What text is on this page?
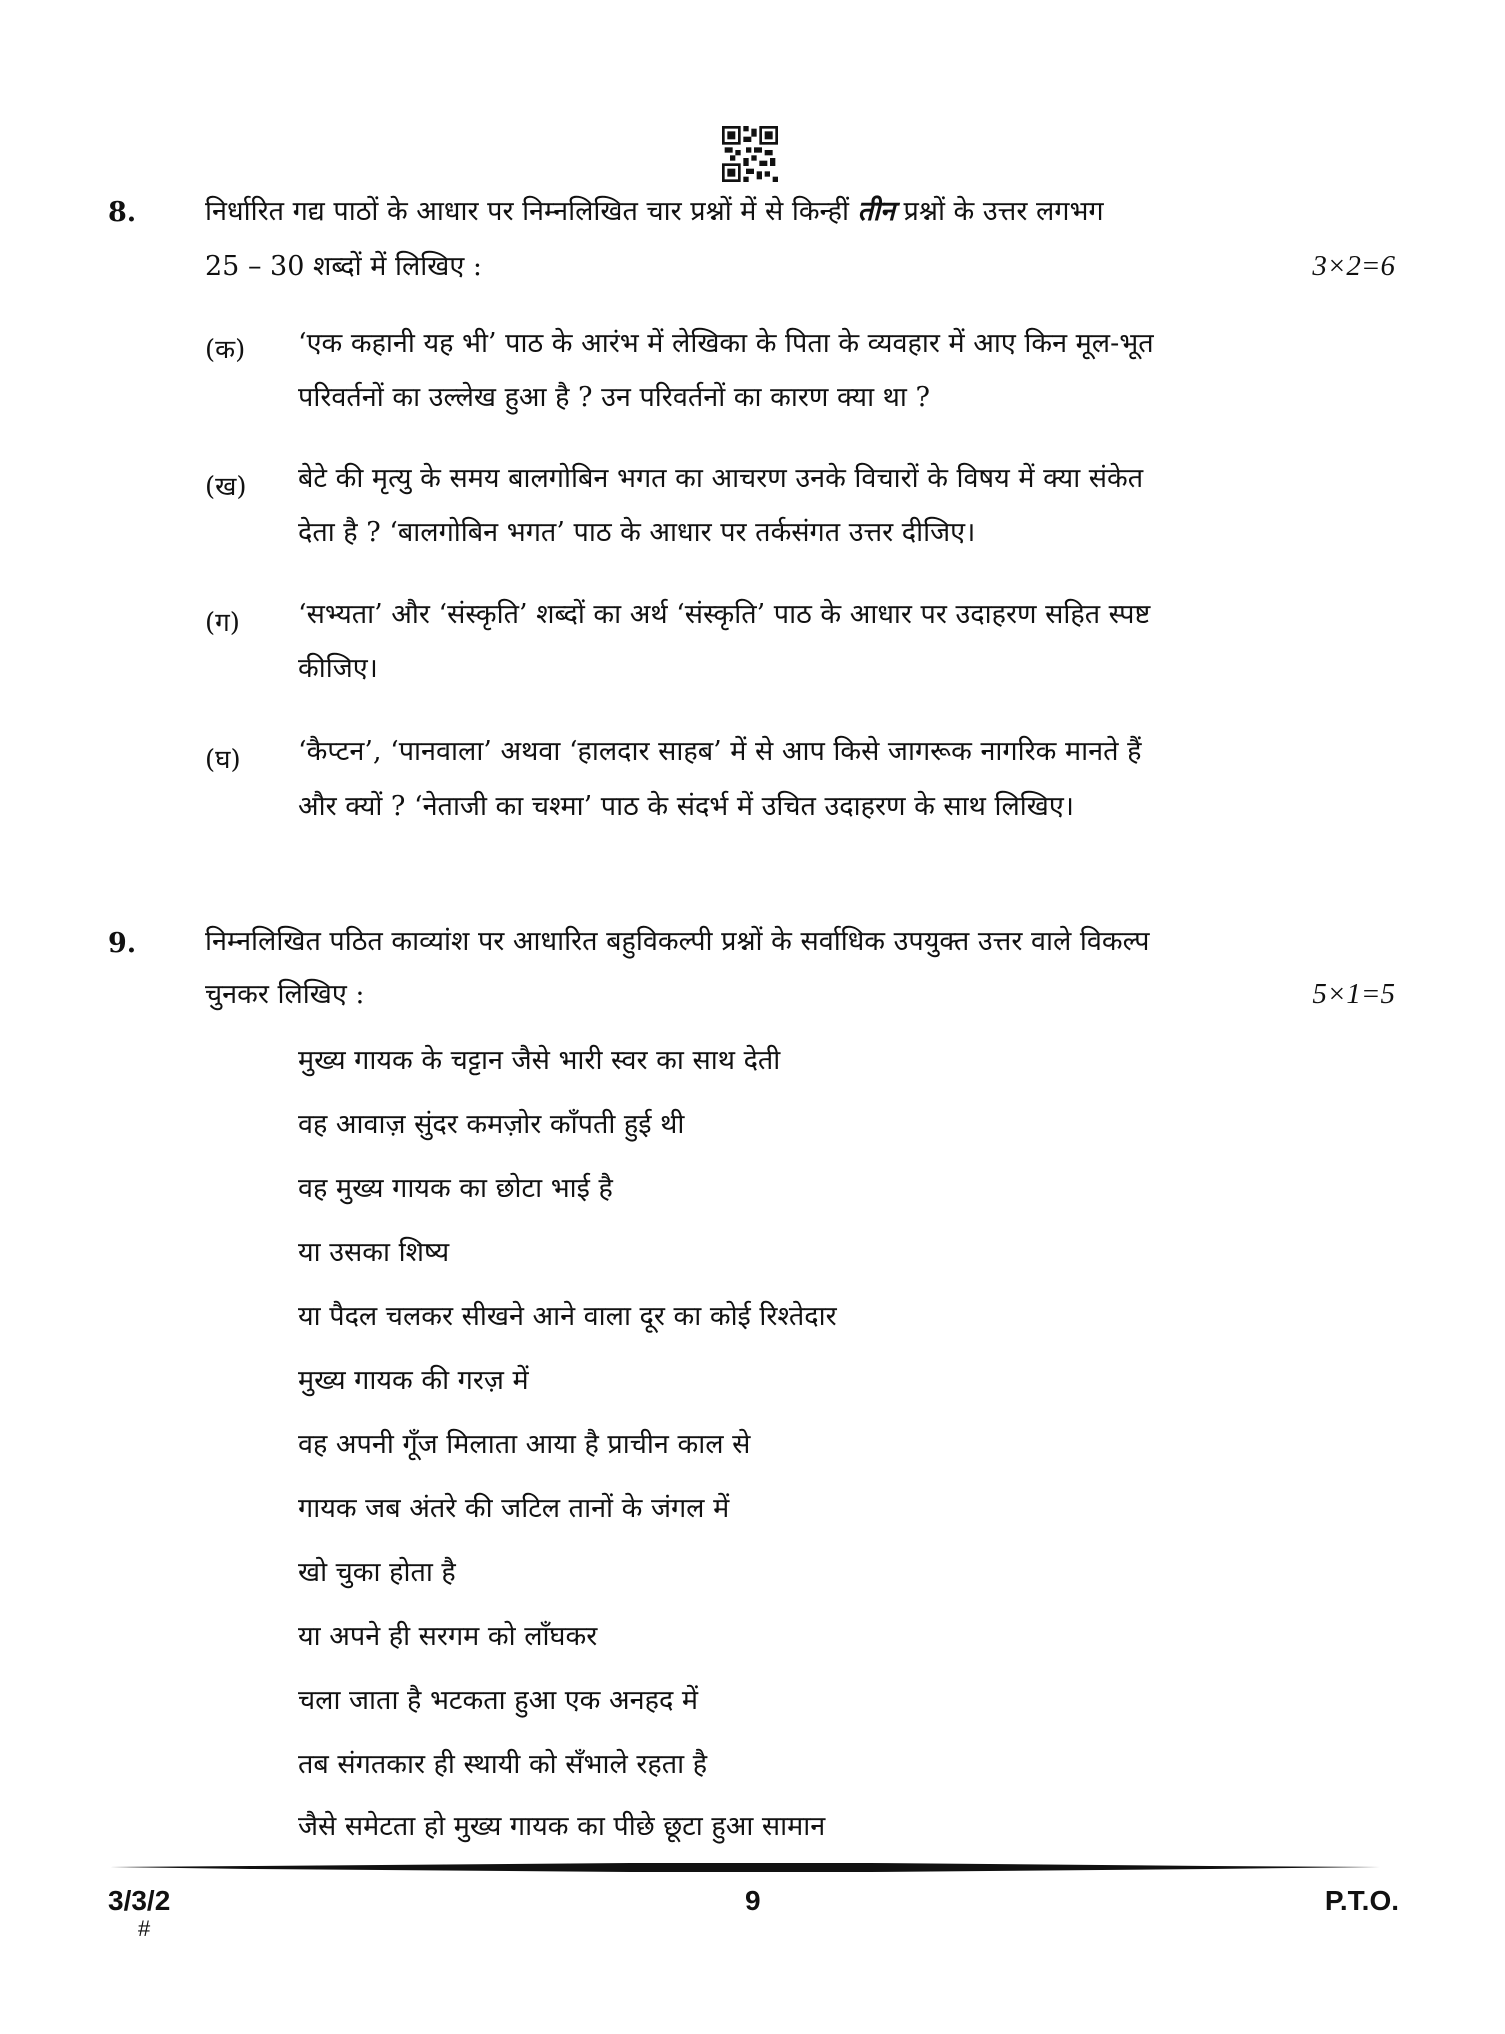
8.	निर्धारित गद्य पाठों के आधार पर निम्नलिखित चार प्रश्नों में से किन्हीं तीन प्रश्नों के उत्तर लगभग
25 – 30 शब्दों में लिखिए :	3×2=6
(क) ‘एक कहानी यह भी’ पाठ के आरंभ में लेखिका के पिता के व्यवहार में आए किन मूल-भूत
परिवर्तनों का उल्लेख हुआ है ? उन परिवर्तनों का कारण क्या था ?
(ख) बेटे की मृत्यु के समय बालगोबिन भगत का आचरण उनके विचारों के विषय में क्या संकेत
देता है ? ‘बालगोबिन भगत’ पाठ के आधार पर तर्कसंगत उत्तर दीजिए।
(ग) ‘सभ्यता’ और ‘संस्कृति’ शब्दों का अर्थ ‘संस्कृति’ पाठ के आधार पर उदाहरण सहित स्पष्ट
कीजिए।
(घ) ‘कैप्टन’, ‘पानवाला’ अथवा ‘हालदार साहब’ में से आप किसे जागरूक नागरिक मानते हैं
और क्यों ? ‘नेताजी का चश्मा’ पाठ के संदर्भ में उचित उदाहरण के साथ लिखिए।
9.	निम्नलिखित पठित काव्यांश पर आधारित बहुविकल्पी प्रश्नों के सर्वाधिक उपयुक्त उत्तर वाले विकल्प
चुनकर लिखिए :	5×1=5
मुख्य गायक के चट्टान जैसे भारी स्वर का साथ देती
वह आवाज़ सुंदर कमज़ोर काँपती हुई थी
वह मुख्य गायक का छोटा भाई है
या उसका शिष्य
या पैदल चलकर सीखने आने वाला दूर का कोई रिश्तेदार
मुख्य गायक की गरज़ में
वह अपनी गूँज मिलाता आया है प्राचीन काल से
गायक जब अंतरे की जटिल तानों के जंगल में
खो चुका होता है
या अपने ही सरगम को लाँघकर
चला जाता है भटकता हुआ एक अनहद में
तब संगतकार ही स्थायी को सँभाले रहता है
जैसे समेटता हो मुख्य गायक का पीछे छूटा हुआ सामान
3/3/2	9	P.T.O.
#
